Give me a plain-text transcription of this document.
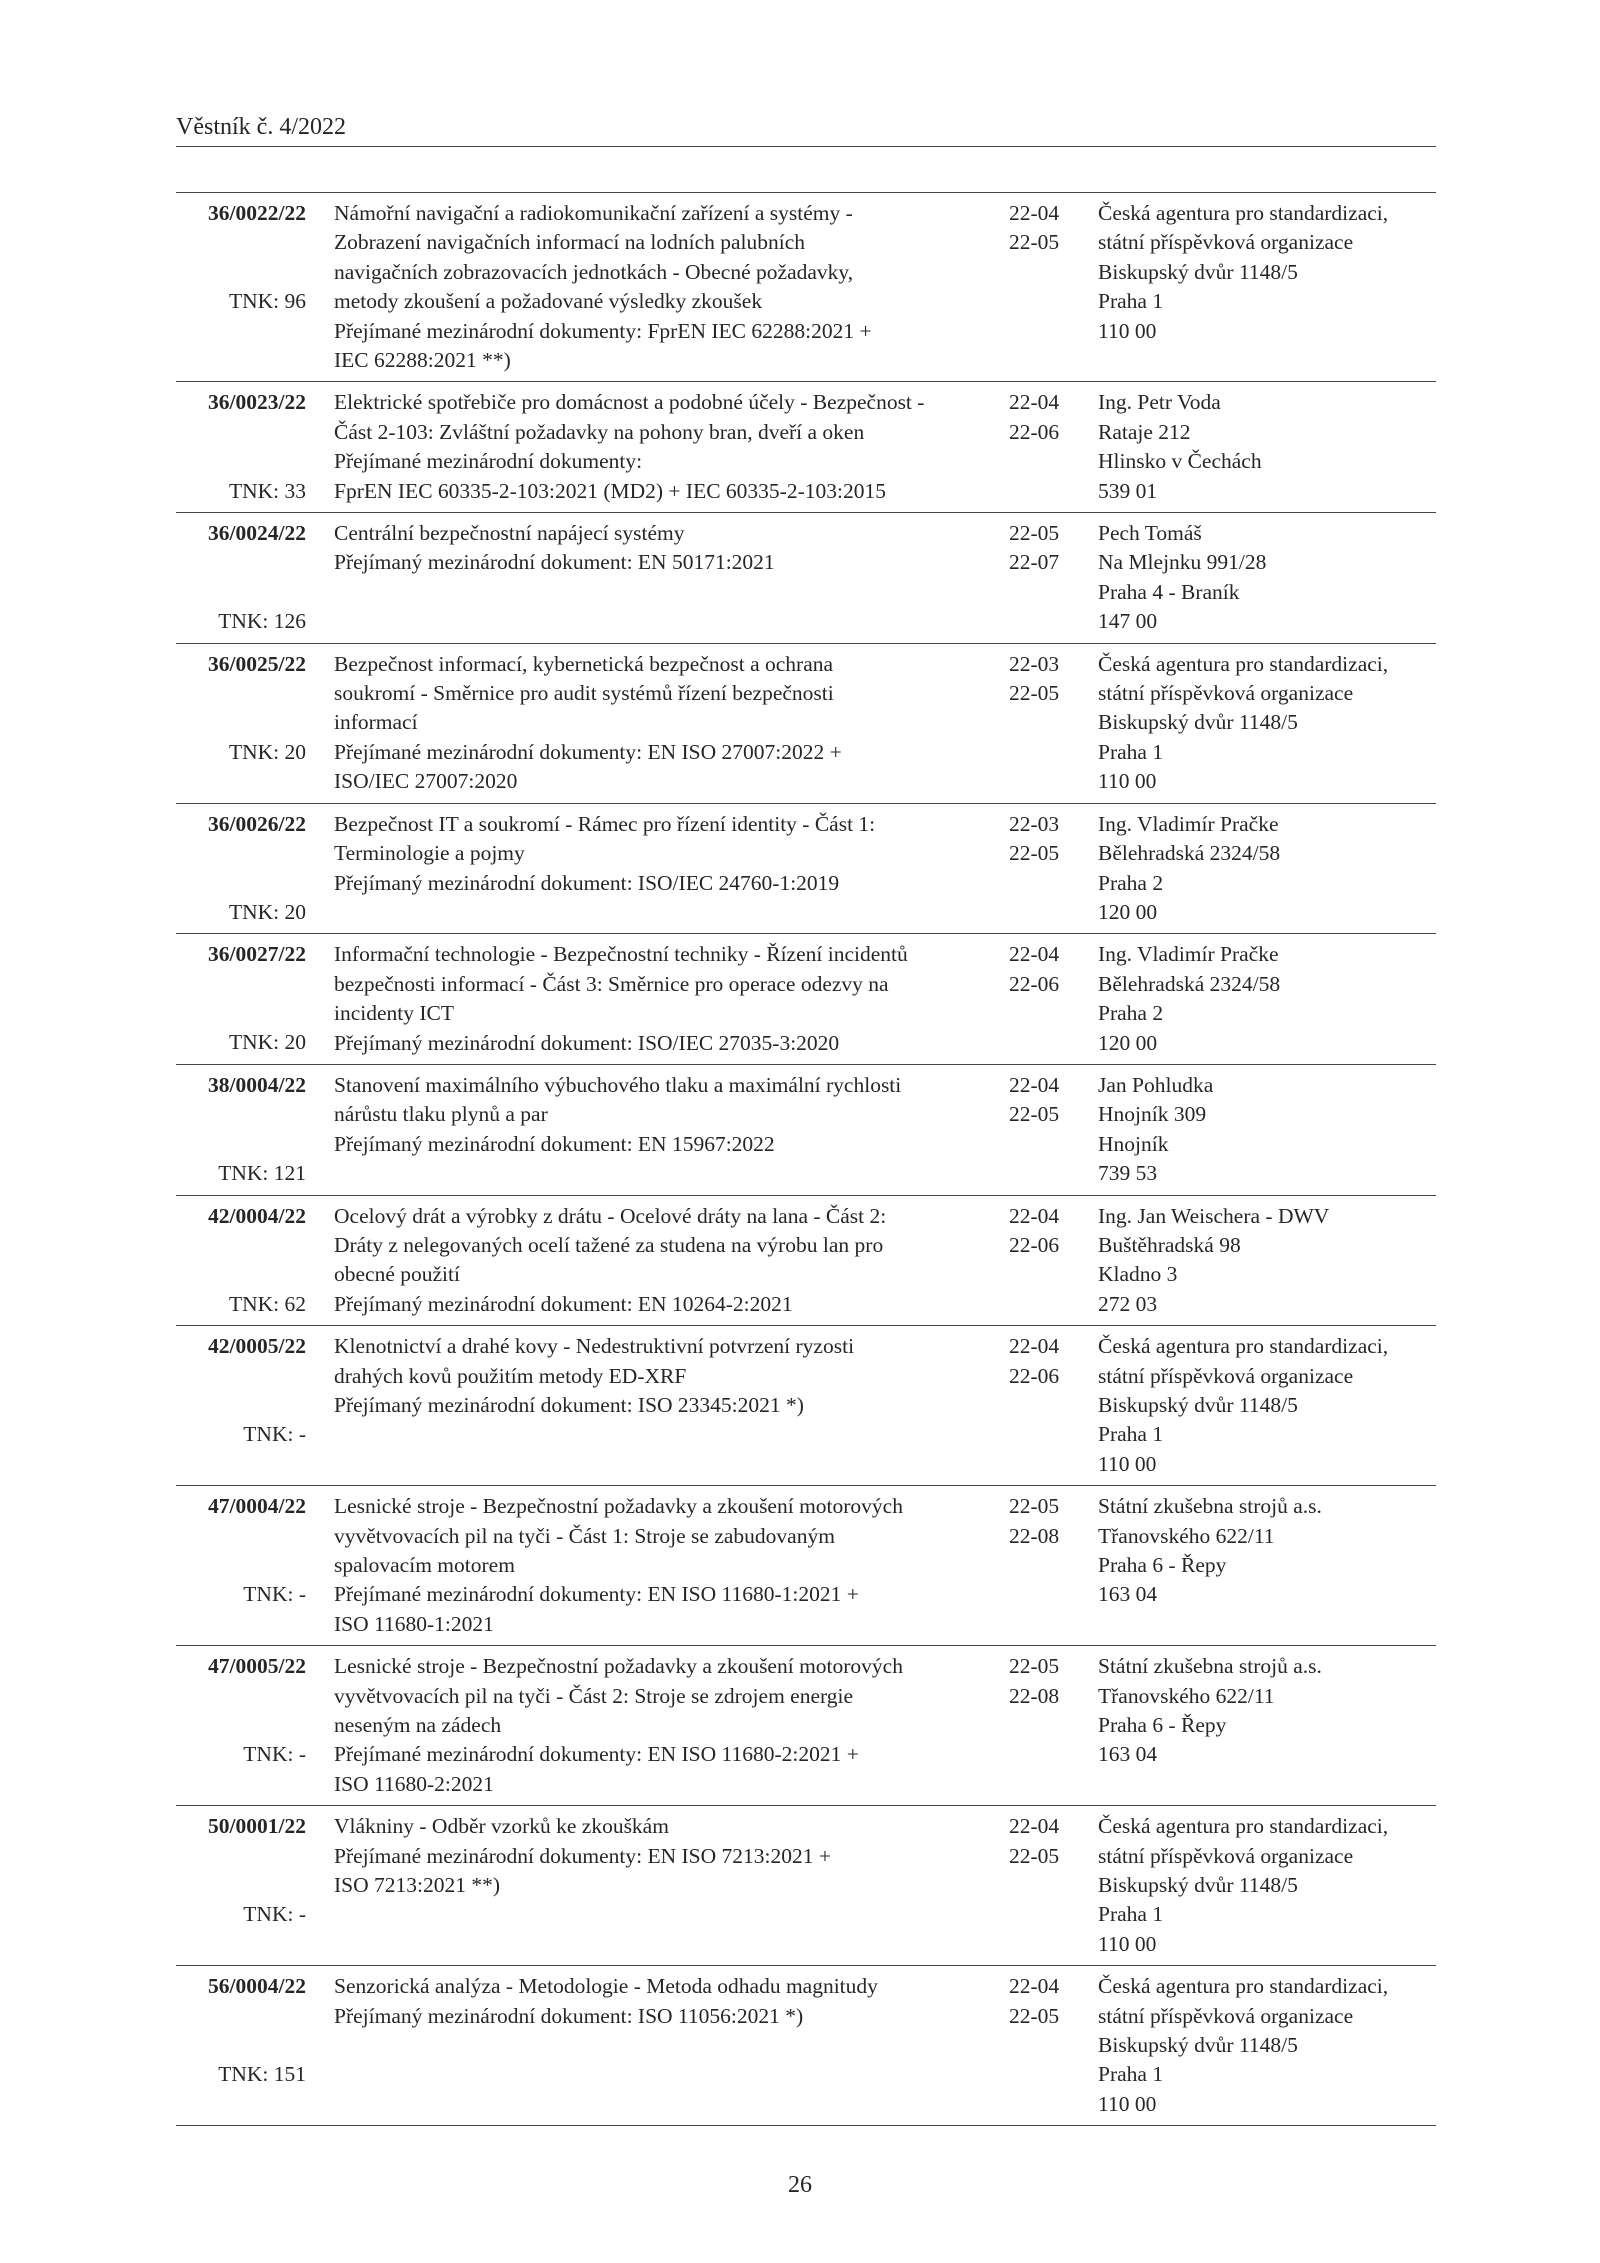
Věstník č. 4/2022
36/0022/22
TNK: 96
Námořní navigační a radiokomunikační zařízení a systémy -
Zobrazení navigačních informací na lodních palubních
navigačních zobrazovacích jednotkách - Obecné požadavky,
metody zkoušení a požadované výsledky zkoušek
Přejímané mezinárodní dokumenty: FprEN IEC 62288:2021 +
IEC 62288:2021 **)
22-04
22-05
Česká agentura pro standardizaci,
státní příspěvková organizace
Biskupský dvůr 1148/5
Praha 1
110 00
36/0023/22
TNK: 33
Elektrické spotřebiče pro domácnost a podobné účely - Bezpečnost -
Část 2-103: Zvláštní požadavky na pohony bran, dveří a oken
Přejímané mezinárodní dokumenty:
FprEN IEC 60335-2-103:2021 (MD2) + IEC 60335-2-103:2015
22-04
22-06
Ing. Petr Voda
Rataje 212
Hlinsko v Čechách
539 01
36/0024/22
TNK: 126
Centrální bezpečnostní napájecí systémy
Přejímaný mezinárodní dokument: EN 50171:2021
22-05
22-07
Pech Tomáš
Na Mlejnku 991/28
Praha 4 - Braník
147 00
36/0025/22
TNK: 20
Bezpečnost informací, kybernetická bezpečnost a ochrana
soukromí - Směrnice pro audit systémů řízení bezpečnosti
informací
Přejímané mezinárodní dokumenty: EN ISO 27007:2022 +
ISO/IEC 27007:2020
22-03
22-05
Česká agentura pro standardizaci,
státní příspěvková organizace
Biskupský dvůr 1148/5
Praha 1
110 00
36/0026/22
TNK: 20
Bezpečnost IT a soukromí - Rámec pro řízení identity - Část 1:
Terminologie a pojmy
Přejímaný mezinárodní dokument: ISO/IEC 24760-1:2019
22-03
22-05
Ing. Vladimír Pračke
Bělehradská 2324/58
Praha 2
120 00
36/0027/22
TNK: 20
Informační technologie - Bezpečnostní techniky - Řízení incidentů
bezpečnosti informací - Část 3: Směrnice pro operace odezvy na
incidenty ICT
Přejímaný mezinárodní dokument: ISO/IEC 27035-3:2020
22-04
22-06
Ing. Vladimír Pračke
Bělehradská 2324/58
Praha 2
120 00
38/0004/22
TNK: 121
Stanovení maximálního výbuchového tlaku a maximální rychlosti
nárůstu tlaku plynů a par
Přejímaný mezinárodní dokument: EN 15967:2022
22-04
22-05
Jan Pohludka
Hnojník 309
Hnojník
739 53
42/0004/22
TNK: 62
Ocelový drát a výrobky z drátu - Ocelové dráty na lana - Část 2:
Dráty z nelegovaných ocelí tažené za studena na výrobu lan pro
obecné použití
Přejímaný mezinárodní dokument: EN 10264-2:2021
22-04
22-06
Ing. Jan Weischera - DWV
Buštěhradská 98
Kladno 3
272 03
42/0005/22
TNK: -
Klenotnictví a drahé kovy - Nedestruktivní potvrzení ryzosti
drahých kovů použitím metody ED-XRF
Přejímaný mezinárodní dokument: ISO 23345:2021 *)
22-04
22-06
Česká agentura pro standardizaci,
státní příspěvková organizace
Biskupský dvůr 1148/5
Praha 1
110 00
47/0004/22
TNK: -
Lesnické stroje - Bezpečnostní požadavky a zkoušení motorových
vyvětvovacích pil na tyči - Část 1: Stroje se zabudovaným
spalovacím motorem
Přejímané mezinárodní dokumenty: EN ISO 11680-1:2021 +
ISO 11680-1:2021
22-05
22-08
Státní zkušebna strojů a.s.
Třanovského 622/11
Praha 6 - Řepy
163 04
47/0005/22
TNK: -
Lesnické stroje - Bezpečnostní požadavky a zkoušení motorových
vyvětvovacích pil na tyči - Část 2: Stroje se zdrojem energie
neseným na zádech
Přejímané mezinárodní dokumenty: EN ISO 11680-2:2021 +
ISO 11680-2:2021
22-05
22-08
Státní zkušebna strojů a.s.
Třanovského 622/11
Praha 6 - Řepy
163 04
50/0001/22
TNK: -
Vlákniny - Odběr vzorků ke zkouškám
Přejímané mezinárodní dokumenty: EN ISO 7213:2021 +
ISO 7213:2021 **)
22-04
22-05
Česká agentura pro standardizaci,
státní příspěvková organizace
Biskupský dvůr 1148/5
Praha 1
110 00
56/0004/22
TNK: 151
Senzorická analýza - Metodologie - Metoda odhadu magnitudy
Přejímaný mezinárodní dokument: ISO 11056:2021 *)
22-04
22-05
Česká agentura pro standardizaci,
státní příspěvková organizace
Biskupský dvůr 1148/5
Praha 1
110 00
26
